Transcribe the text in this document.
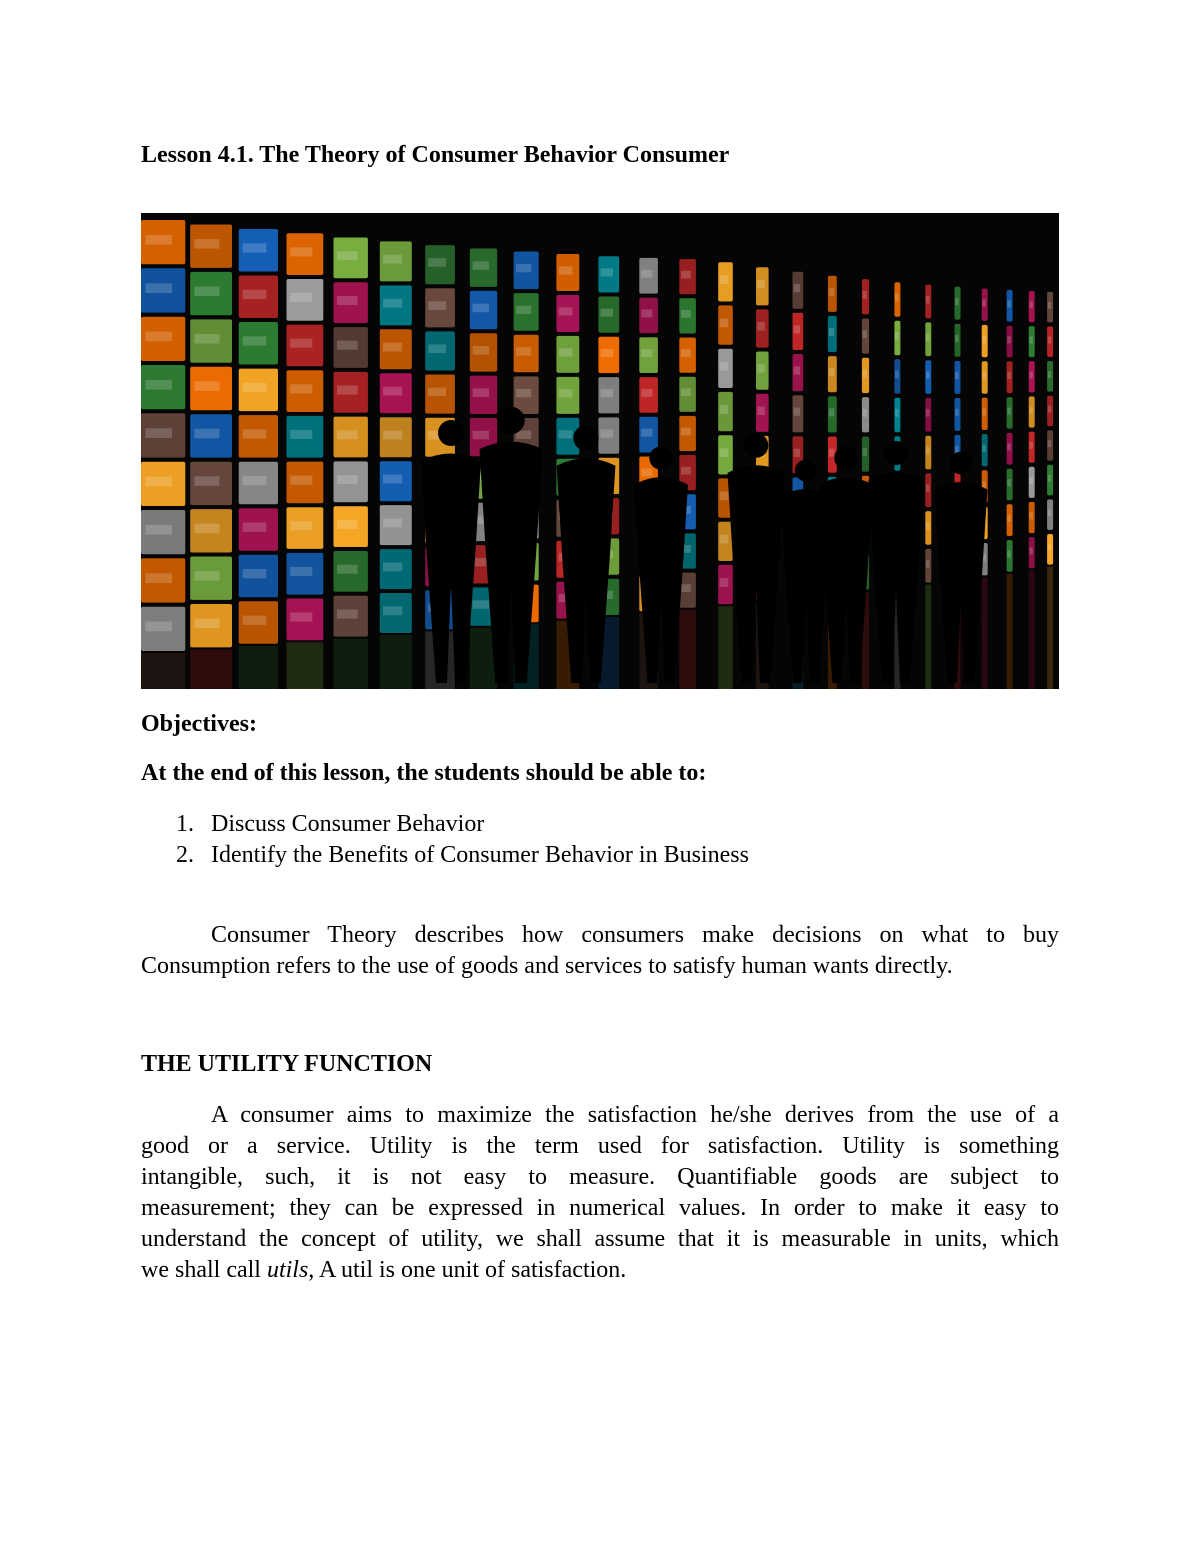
Lesson 4.1. The Theory of Consumer Behavior Consumer
Objectives:
At the end of this lesson, the students should be able to:
1. Discuss Consumer Behavior
2. Identify the Benefits of Consumer Behavior in Business
Consumer Theory describes how consumers make decisions on what to buy
Consumption refers to the use of goods and services to satisfy human wants directly.
THE UTILITY FUNCTION
A consumer aims to maximize the satisfaction he/she derives from the use of a
good or a service. Utility is the term used for satisfaction. Utility is something
intangible, such, it is not easy to measure. Quantifiable goods are subject to
measurement; they can be expressed in numerical values. In order to make it easy to
understand the concept of utility, we shall assume that it is measurable in units, which
we shall call utils, A util is one unit of satisfaction.
